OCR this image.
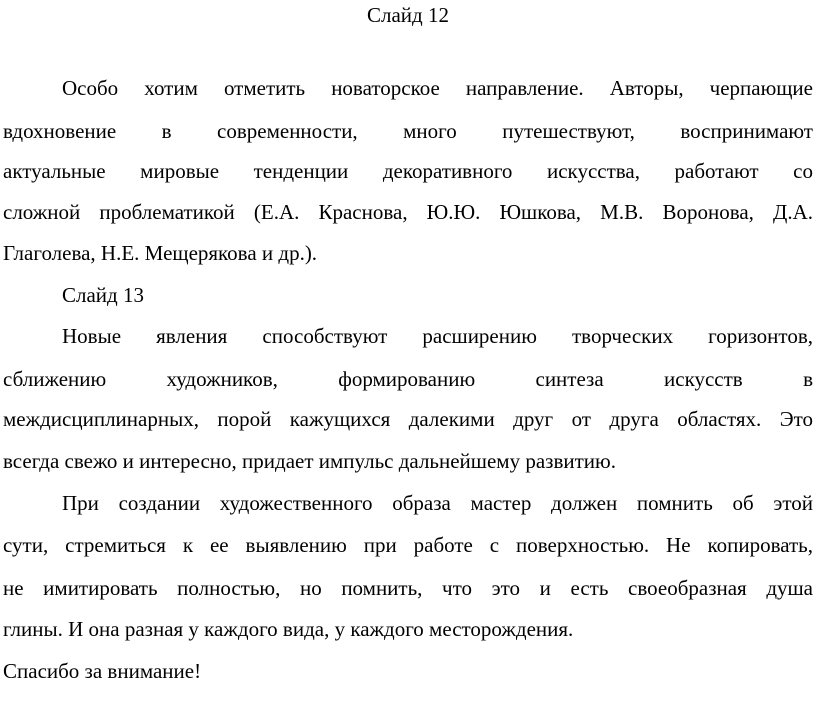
Слайд 12
Особо хотим отметить новаторское направление. Авторы, черпающие
вдохновение в современности, много путешествуют, воспринимают
актуальные мировые тенденции декоративного искусства, работают со
сложной проблематикой (Е.А. Краснова, Ю.Ю. Юшкова, М.В. Воронова, Д.А.
Глаголева, Н.Е. Мещерякова и др.).
Слайд 13
Новые явления способствуют расширению творческих горизонтов,
сближению художников, формированию синтеза искусств в
междисциплинарных, порой кажущихся далекими друг от друга областях. Это
всегда свежо и интересно, придает импульс дальнейшему развитию.
При создании художественного образа мастер должен помнить об этой
сути, стремиться к ее выявлению при работе с поверхностью. Не копировать,
не имитировать полностью, но помнить, что это и есть своеобразная душа
глины. И она разная у каждого вида, у каждого месторождения.
Спасибо за внимание!
